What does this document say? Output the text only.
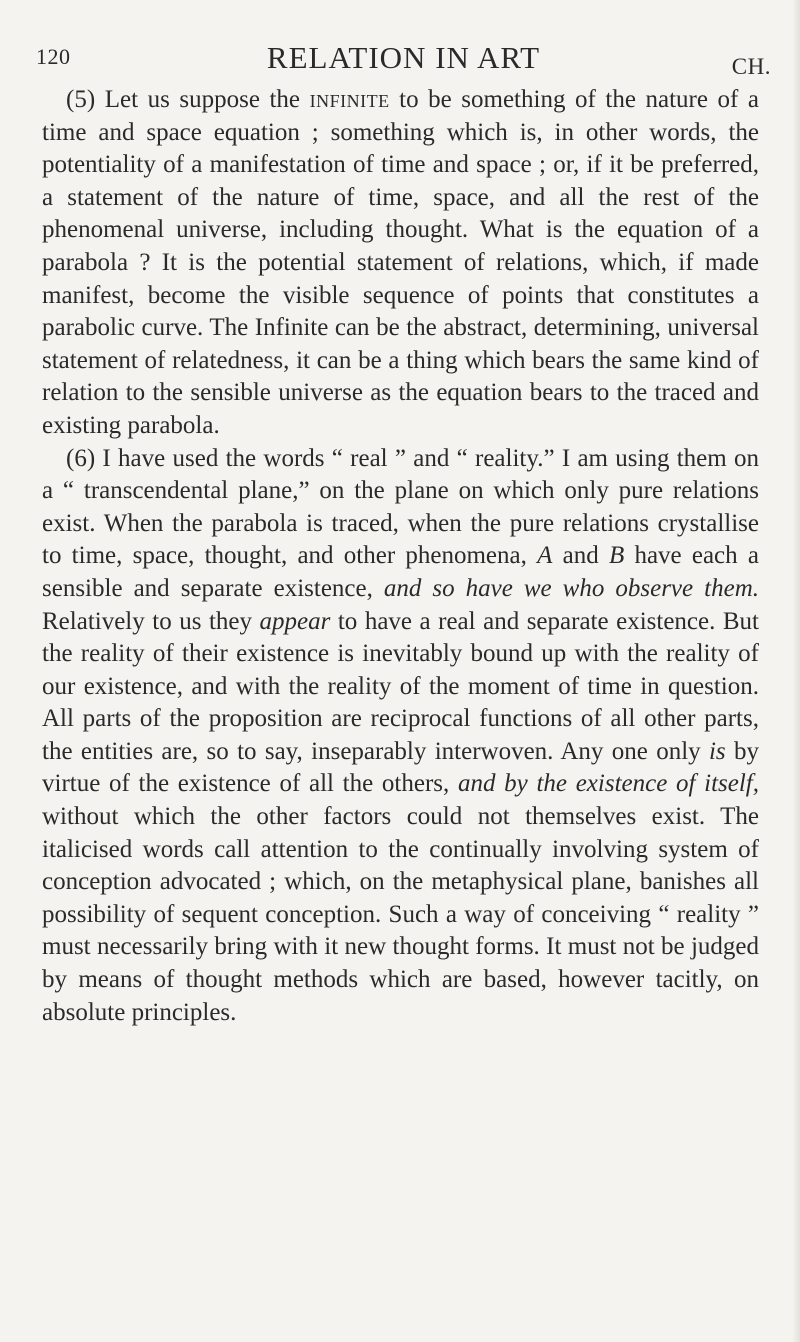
120	RELATION IN ART	CH.

(5) Let us suppose the infinite to be something of the nature of a time and space equation ; something which is, in other words, the potentiality of a manifestation of time and space ; or, if it be preferred, a statement of the nature of time, space, and all the rest of the phenomenal universe, including thought. What is the equation of a parabola ? It is the potential statement of relations, which, if made manifest, become the visible sequence of points that constitutes a parabolic curve. The Infinite can be the abstract, determining, universal statement of relatedness, it can be a thing which bears the same kind of relation to the sensible universe as the equation bears to the traced and existing parabola.

(6) I have used the words “ real ” and “ reality.” I am using them on a “ transcendental plane,” on the plane on which only pure relations exist. When the parabola is traced, when the pure relations crystallise to time, space, thought, and other phenomena, A and B have each a sensible and separate existence, and so have we who observe them. Relatively to us they appear to have a real and separate existence. But the reality of their existence is inevitably bound up with the reality of our existence, and with the reality of the moment of time in question. All parts of the proposition are reciprocal functions of all other parts, the entities are, so to say, inseparably interwoven. Any one only is by virtue of the existence of all the others, and by the existence of itself, without which the other factors could not themselves exist. The italicised words call attention to the continually involving system of conception advocated ; which, on the metaphysical plane, banishes all possibility of sequent conception. Such a way of conceiving “ reality ” must necessarily bring with it new thought forms. It must not be judged by means of thought methods which are based, however tacitly, on absolute principles.
